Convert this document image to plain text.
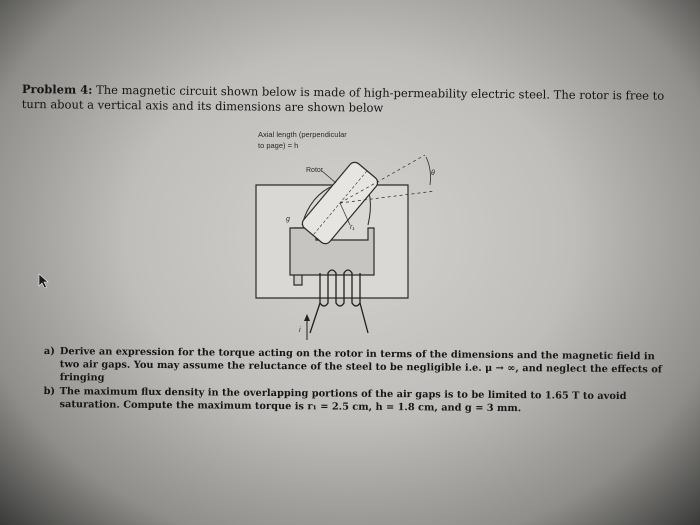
Problem 4: The magnetic circuit shown below is made of high-permeability electric steel. The rotor is free to turn about a vertical axis and its dimensions are shown below
Axial length (perpendicular
to page) = h
Rotor
g
r₁
θ
i
a) Derive an expression for the torque acting on the rotor in terms of the dimensions and the magnetic field in two air gaps. You may assume the reluctance of the steel to be negligible i.e. μ → ∞, and neglect the effects of fringing
b) The maximum flux density in the overlapping portions of the air gaps is to be limited to 1.65 T to avoid saturation. Compute the maximum torque is r₁ = 2.5 cm, h = 1.8 cm, and g = 3 mm.
